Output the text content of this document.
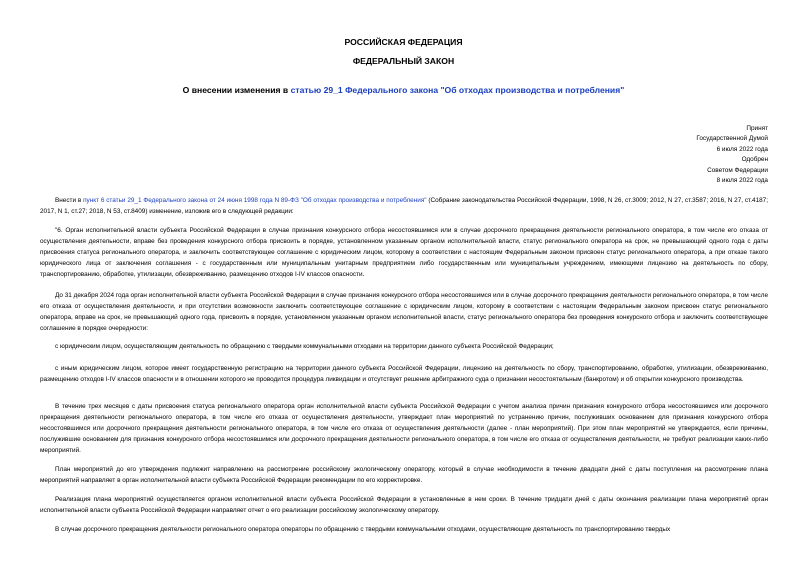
РОССИЙСКАЯ ФЕДЕРАЦИЯ
ФЕДЕРАЛЬНЫЙ ЗАКОН
О внесении изменения в статью 29_1 Федерального закона "Об отходах производства и потребления"
Принят
Государственной Думой
6 июля 2022 года
Одобрен
Советом Федерации
8 июля 2022 года

Внести в пункт 6 статьи 29_1 Федерального закона от 24 июня 1998 года N 89-ФЗ "Об отходах производства и потребления" (Собрание законодательства Российской Федерации, 1998, N 26, ст.3009; 2012, N 27, ст.3587; 2016, N 27, ст.4187; 2017, N 1, ст.27; 2018, N 53, ст.8409) изменение, изложив его в следующей редакции:

"6. Орган исполнительной власти субъекта Российской Федерации в случае признания конкурсного отбора несостоявшимся или в случае досрочного прекращения деятельности регионального оператора, в том числе его отказа от осуществления деятельности, вправе без проведения конкурсного отбора присвоить в порядке, установленном указанным органом исполнительной власти, статус регионального оператора на срок, не превышающий одного года с даты присвоения статуса регионального оператора, и заключить соответствующее соглашение с юридическим лицом, которому в соответствии с настоящим Федеральным законом присвоен статус регионального оператора, а при отказе такого юридического лица от заключения соглашения - с государственным или муниципальным унитарным предприятием либо государственным или муниципальным учреждением, имеющими лицензию на деятельность по сбору, транспортированию, обработке, утилизации, обезвреживанию, размещению отходов I-IV классов опасности.

До 31 декабря 2024 года орган исполнительной власти субъекта Российской Федерации в случае признания конкурсного отбора несостоявшимся или в случае досрочного прекращения деятельности регионального оператора, в том числе его отказа от осуществления деятельности, и при отсутствии возможности заключить соответствующее соглашение с юридическим лицом, которому в соответствии с настоящим Федеральным законом присвоен статус регионального оператора, вправе на срок, не превышающий одного года, присвоить в порядке, установленном указанным органом исполнительной власти, статус регионального оператора без проведения конкурсного отбора и заключить соответствующее соглашение в порядке очередности:

с юридическим лицом, осуществляющим деятельность по обращению с твердыми коммунальными отходами на территории данного субъекта Российской Федерации;

с иным юридическим лицом, которое имеет государственную регистрацию на территории данного субъекта Российской Федерации, лицензию на деятельность по сбору, транспортированию, обработке, утилизации, обезвреживанию, размещению отходов I-IV классов опасности и в отношении которого не проводится процедура ликвидации и отсутствует решение арбитражного суда о признании несостоятельным (банкротом) и об открытии конкурсного производства.

В течение трех месяцев с даты присвоения статуса регионального оператора орган исполнительной власти субъекта Российской Федерации с учетом анализа причин признания конкурсного отбора несостоявшимся или досрочного прекращения деятельности регионального оператора, в том числе его отказа от осуществления деятельности, утверждает план мероприятий по устранению причин, послуживших основанием для признания конкурсного отбора несостоявшимся или досрочного прекращения деятельности регионального оператора, в том числе его отказа от осуществления деятельности (далее - план мероприятий). При этом план мероприятий не утверждается, если причины, послужившие основанием для признания конкурсного отбора несостоявшимся или досрочного прекращения деятельности регионального оператора, в том числе его отказа от осуществления деятельности, не требуют реализации каких-либо мероприятий.

План мероприятий до его утверждения подлежит направлению на рассмотрение российскому экологическому оператору, который в случае необходимости в течение двадцати дней с даты поступления на рассмотрение плана мероприятий направляет в орган исполнительной власти субъекта Российской Федерации рекомендации по его корректировке.

Реализация плана мероприятий осуществляется органом исполнительной власти субъекта Российской Федерации в установленные в нем сроки. В течение тридцати дней с даты окончания реализации плана мероприятий орган исполнительной власти субъекта Российской Федерации направляет отчет о его реализации российскому экологическому оператору.

В случае досрочного прекращения деятельности регионального оператора операторы по обращению с твердыми коммунальными отходами, осуществляющие деятельность по транспортированию твердых
